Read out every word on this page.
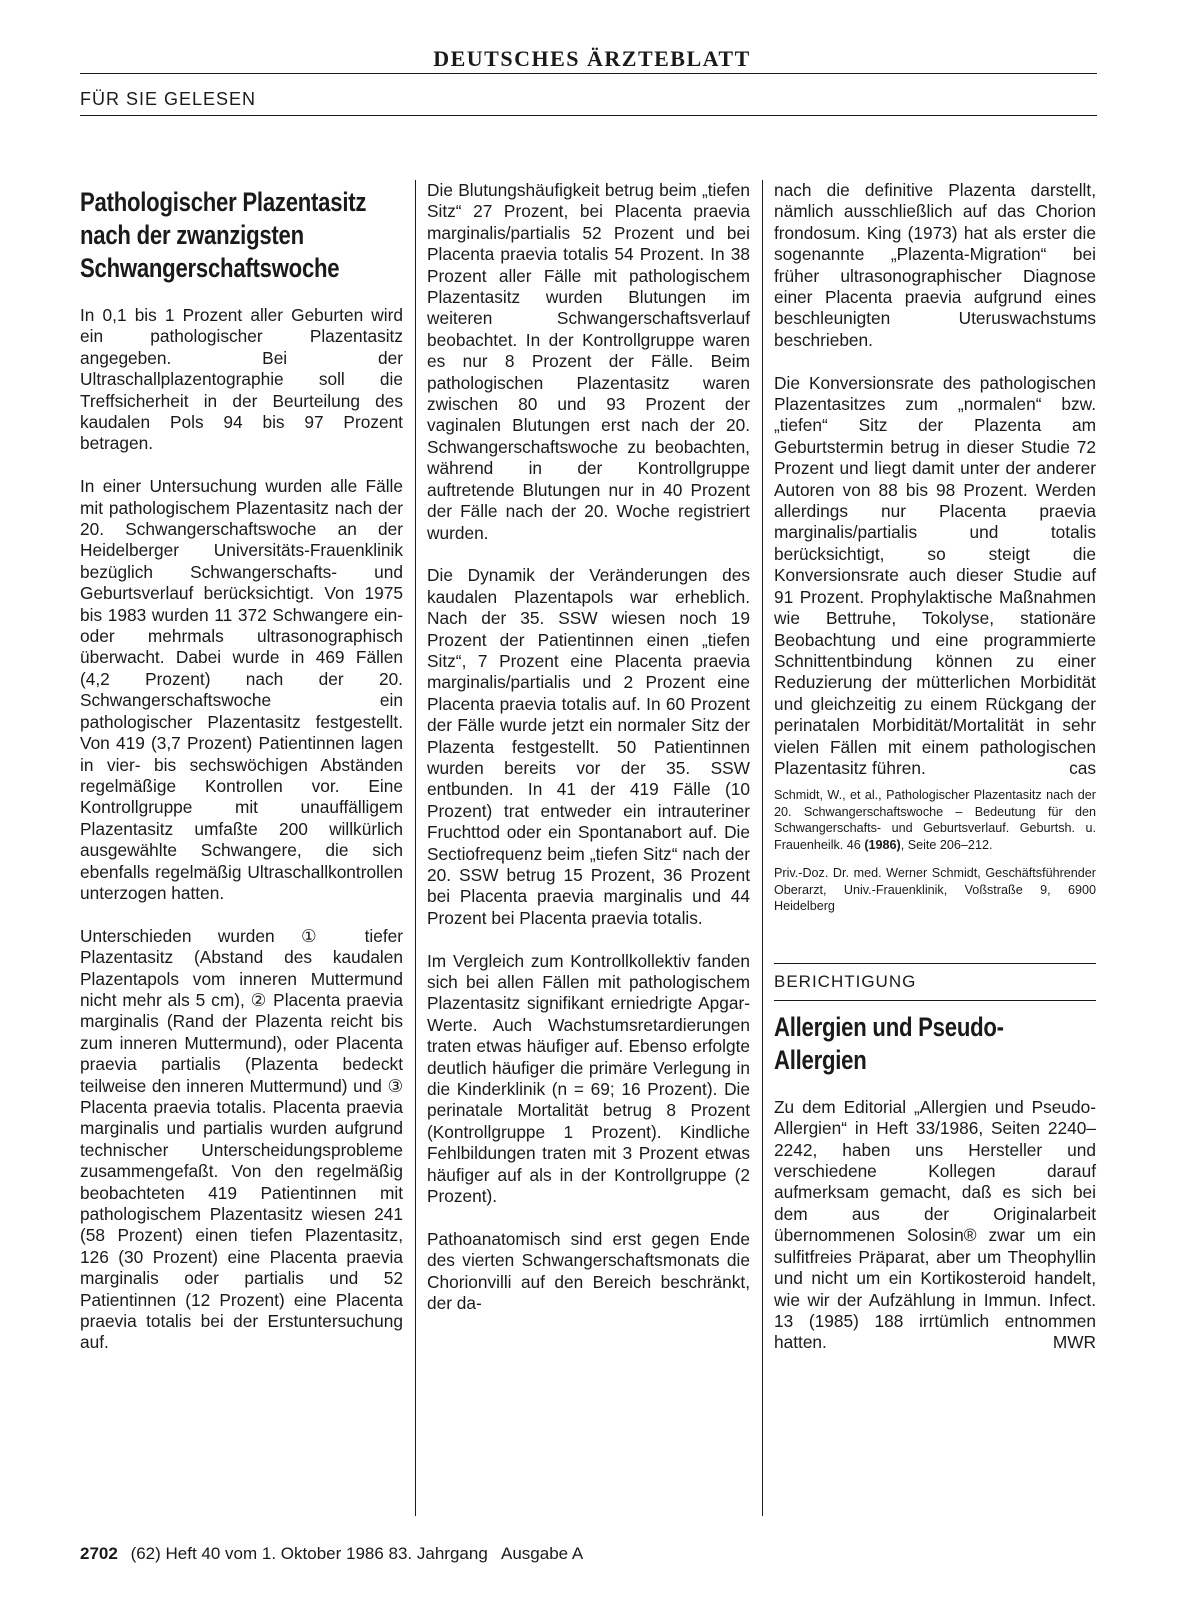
DEUTSCHES ÄRZTEBLATT
FÜR SIE GELESEN
Pathologischer Plazentasitz nach der zwanzigsten Schwangerschaftswoche

In 0,1 bis 1 Prozent aller Geburten wird ein pathologischer Plazentasitz angegeben. Bei der Ultraschallplazentographie soll die Treffsicherheit in der Beurteilung des kaudalen Pols 94 bis 97 Prozent betragen.

In einer Untersuchung wurden alle Fälle mit pathologischem Plazentasitz nach der 20. Schwangerschaftswoche an der Heidelberger Universitäts-Frauenklinik bezüglich Schwangerschafts- und Geburtsverlauf berücksichtigt. Von 1975 bis 1983 wurden 11 372 Schwangere ein- oder mehrmals ultrasonographisch überwacht. Dabei wurde in 469 Fällen (4,2 Prozent) nach der 20. Schwangerschaftswoche ein pathologischer Plazentasitz festgestellt. Von 419 (3,7 Prozent) Patientinnen lagen in vier- bis sechswöchigen Abständen regelmäßige Kontrollen vor. Eine Kontrollgruppe mit unauffälligem Plazentasitz umfaßte 200 willkürlich ausgewählte Schwangere, die sich ebenfalls regelmäßig Ultraschallkontrollen unterzogen hatten.

Unterschieden wurden ① tiefer Plazentasitz (Abstand des kaudalen Plazentapols vom inneren Muttermund nicht mehr als 5 cm), ② Placenta praevia marginalis (Rand der Plazenta reicht bis zum inneren Muttermund), oder Placenta praevia partialis (Plazenta bedeckt teilweise den inneren Muttermund) und ③ Placenta praevia totalis. Placenta praevia marginalis und partialis wurden aufgrund technischer Unterscheidungsprobleme zusammengefaßt. Von den regelmäßig beobachteten 419 Patientinnen mit pathologischem Plazentasitz wiesen 241 (58 Prozent) einen tiefen Plazentasitz, 126 (30 Prozent) eine Placenta praevia marginalis oder partialis und 52 Patientinnen (12 Prozent) eine Placenta praevia totalis bei der Erstuntersuchung auf.

Die Blutungshäufigkeit betrug beim „tiefen Sitz“ 27 Prozent, bei Placenta praevia marginalis/partialis 52 Prozent und bei Placenta praevia totalis 54 Prozent. In 38 Prozent aller Fälle mit pathologischem Plazentasitz wurden Blutungen im weiteren Schwangerschaftsverlauf beobachtet. In der Kontrollgruppe waren es nur 8 Prozent der Fälle. Beim pathologischen Plazentasitz waren zwischen 80 und 93 Prozent der vaginalen Blutungen erst nach der 20. Schwangerschaftswoche zu beobachten, während in der Kontrollgruppe auftretende Blutungen nur in 40 Prozent der Fälle nach der 20. Woche registriert wurden.

Die Dynamik der Veränderungen des kaudalen Plazentapols war erheblich. Nach der 35. SSW wiesen noch 19 Prozent der Patientinnen einen „tiefen Sitz“, 7 Prozent eine Placenta praevia marginalis/partialis und 2 Prozent eine Placenta praevia totalis auf. In 60 Prozent der Fälle wurde jetzt ein normaler Sitz der Plazenta festgestellt. 50 Patientinnen wurden bereits vor der 35. SSW entbunden. In 41 der 419 Fälle (10 Prozent) trat entweder ein intrauteriner Fruchttod oder ein Spontanabort auf. Die Sectiofrequenz beim „tiefen Sitz“ nach der 20. SSW betrug 15 Prozent, 36 Prozent bei Placenta praevia marginalis und 44 Prozent bei Placenta praevia totalis.

Im Vergleich zum Kontrollkollektiv fanden sich bei allen Fällen mit pathologischem Plazentasitz signifikant erniedrigte Apgar-Werte. Auch Wachstumsretardierungen traten etwas häufiger auf. Ebenso erfolgte deutlich häufiger die primäre Verlegung in die Kinderklinik (n = 69; 16 Prozent). Die perinatale Mortalität betrug 8 Prozent (Kontrollgruppe 1 Prozent). Kindliche Fehlbildungen traten mit 3 Prozent etwas häufiger auf als in der Kontrollgruppe (2 Prozent).

Pathoanatomisch sind erst gegen Ende des vierten Schwangerschaftsmonats die Chorionvilli auf den Bereich beschränkt, der da-

nach die definitive Plazenta darstellt, nämlich ausschließlich auf das Chorion frondosum. King (1973) hat als erster die sogenannte „Plazenta-Migration“ bei früher ultrasonographischer Diagnose einer Placenta praevia aufgrund eines beschleunigten Uteruswachstums beschrieben.

Die Konversionsrate des pathologischen Plazentasitzes zum „normalen“ bzw. „tiefen“ Sitz der Plazenta am Geburtstermin betrug in dieser Studie 72 Prozent und liegt damit unter der anderer Autoren von 88 bis 98 Prozent. Werden allerdings nur Placenta praevia marginalis/partialis und totalis berücksichtigt, so steigt die Konversionsrate auch dieser Studie auf 91 Prozent. Prophylaktische Maßnahmen wie Bettruhe, Tokolyse, stationäre Beobachtung und eine programmierte Schnittentbindung können zu einer Reduzierung der mütterlichen Morbidität und gleichzeitig zu einem Rückgang der perinatalen Morbidität/Mortalität in sehr vielen Fällen mit einem pathologischen Plazentasitz führen.	cas

Schmidt, W., et al., Pathologischer Plazentasitz nach der 20. Schwangerschaftswoche – Bedeutung für den Schwangerschafts- und Geburtsverlauf. Geburtsh. u. Frauenheilk. 46 (1986), Seite 206–212.
Priv.-Doz. Dr. med. Werner Schmidt, Geschäftsführender Oberarzt, Univ.-Frauenklinik, Voßstraße 9, 6900 Heidelberg
BERICHTIGUNG
Allergien und Pseudo-Allergien

Zu dem Editorial „Allergien und Pseudo-Allergien“ in Heft 33/1986, Seiten 2240–2242, haben uns Hersteller und verschiedene Kollegen darauf aufmerksam gemacht, daß es sich bei dem aus der Originalarbeit übernommenen Solosin® zwar um ein sulfitfreies Präparat, aber um Theophyllin und nicht um ein Kortikosteroid handelt, wie wir der Aufzählung in Immun. Infect. 13 (1985) 188 irrtümlich entnommen hatten.	MWR

2702 (62) Heft 40 vom 1. Oktober 1986 83. Jahrgang   Ausgabe A
